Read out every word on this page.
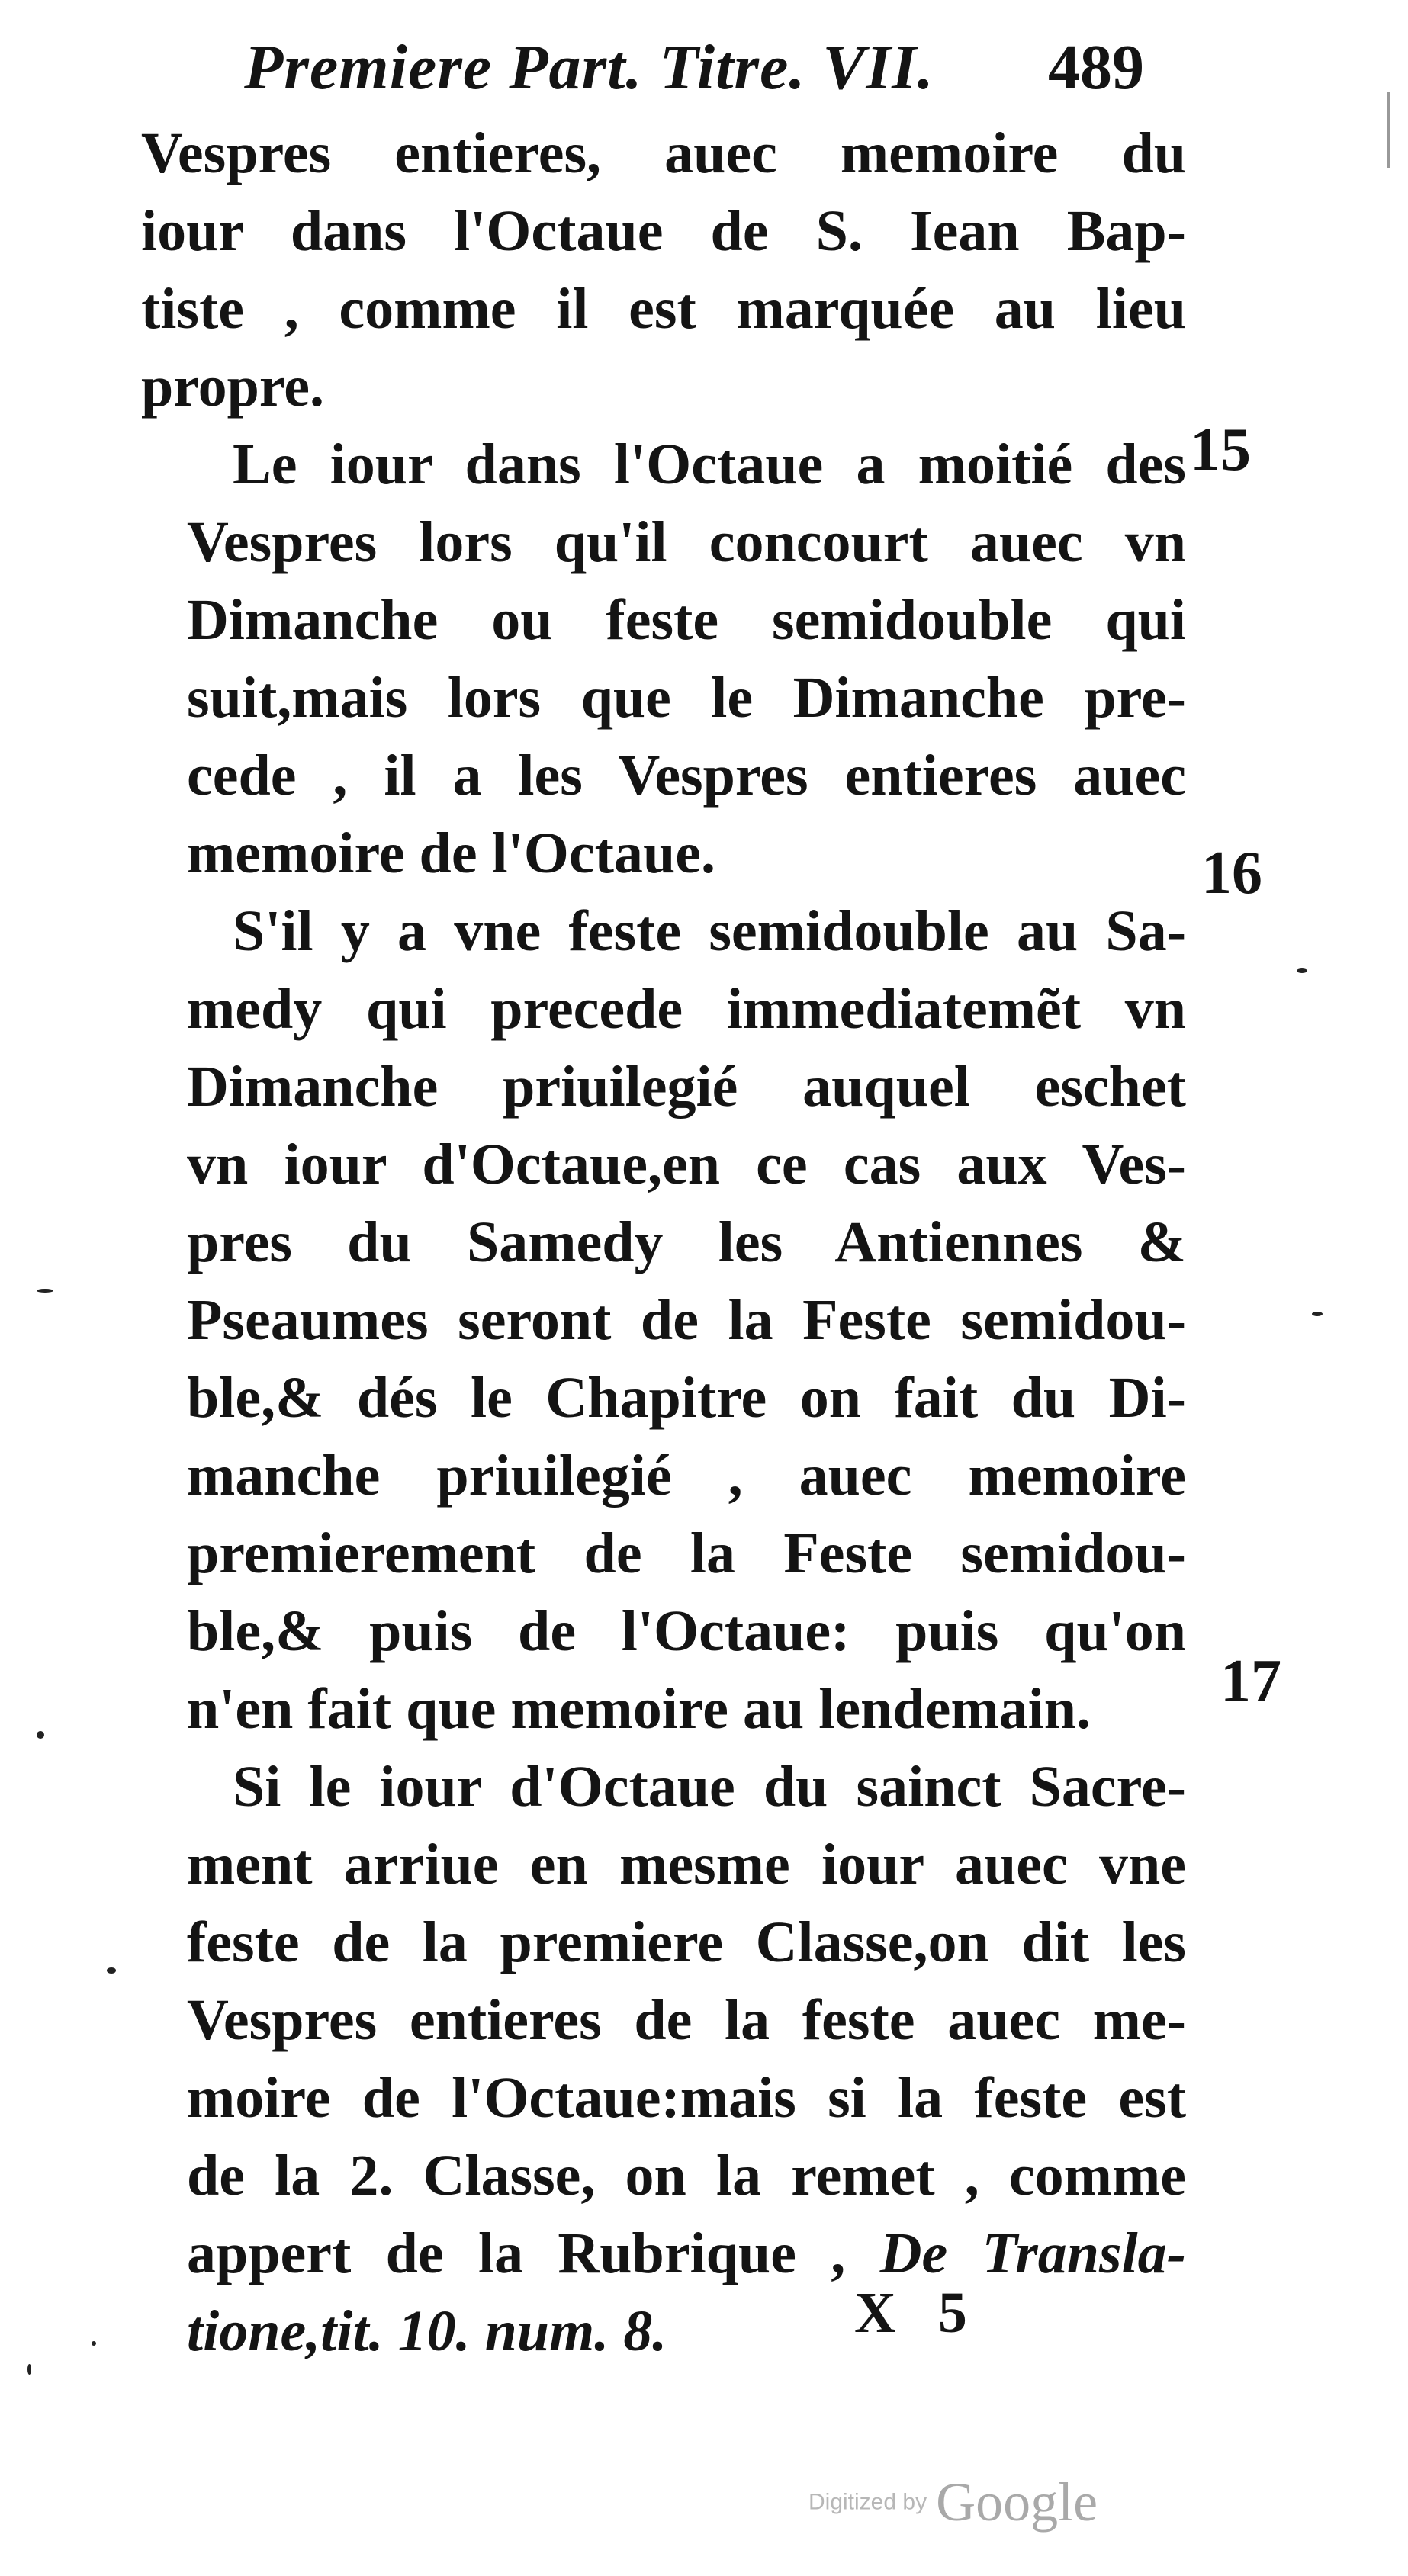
Premiere Part. Titre. VII. 489

Vespres entieres, auec memoire du
iour dans l'Octaue de S. Iean Bap-
tiste , comme il est marquée au lieu
propre.

Le iour dans l'Octaue a moitié des
Vespres lors qu'il concourt auec vn
Dimanche ou feste semidouble qui
suit,mais lors que le Dimanche pre-
cede , il a les Vespres entieres auec
memoire de l'Octaue.

S'il y a vne feste semidouble au Sa-
medy qui precede immediatemẽt vn
Dimanche priuilegié auquel eschet
vn iour d'Octaue,en ce cas aux Ves-
pres du Samedy les Antiennes &
Pseaumes seront de la Feste semidou-
ble,& dés le Chapitre on fait du Di-
manche priuilegié , auec memoire
premierement de la Feste semidou-
ble,& puis de l'Octaue: puis qu'on
n'en fait que memoire au lendemain.

Si le iour d'Octaue du sainct Sacre-
ment arriue en mesme iour auec vne
feste de la premiere Classe,on dit les
Vespres entieres de la feste auec me-
moire de l'Octaue:mais si la feste est
de la 2. Classe, on la remet , comme
appert de la Rubrique , De Transla-
tione,tit. 10. num. 8.

15
16
17
X 5
Digitized by Google
